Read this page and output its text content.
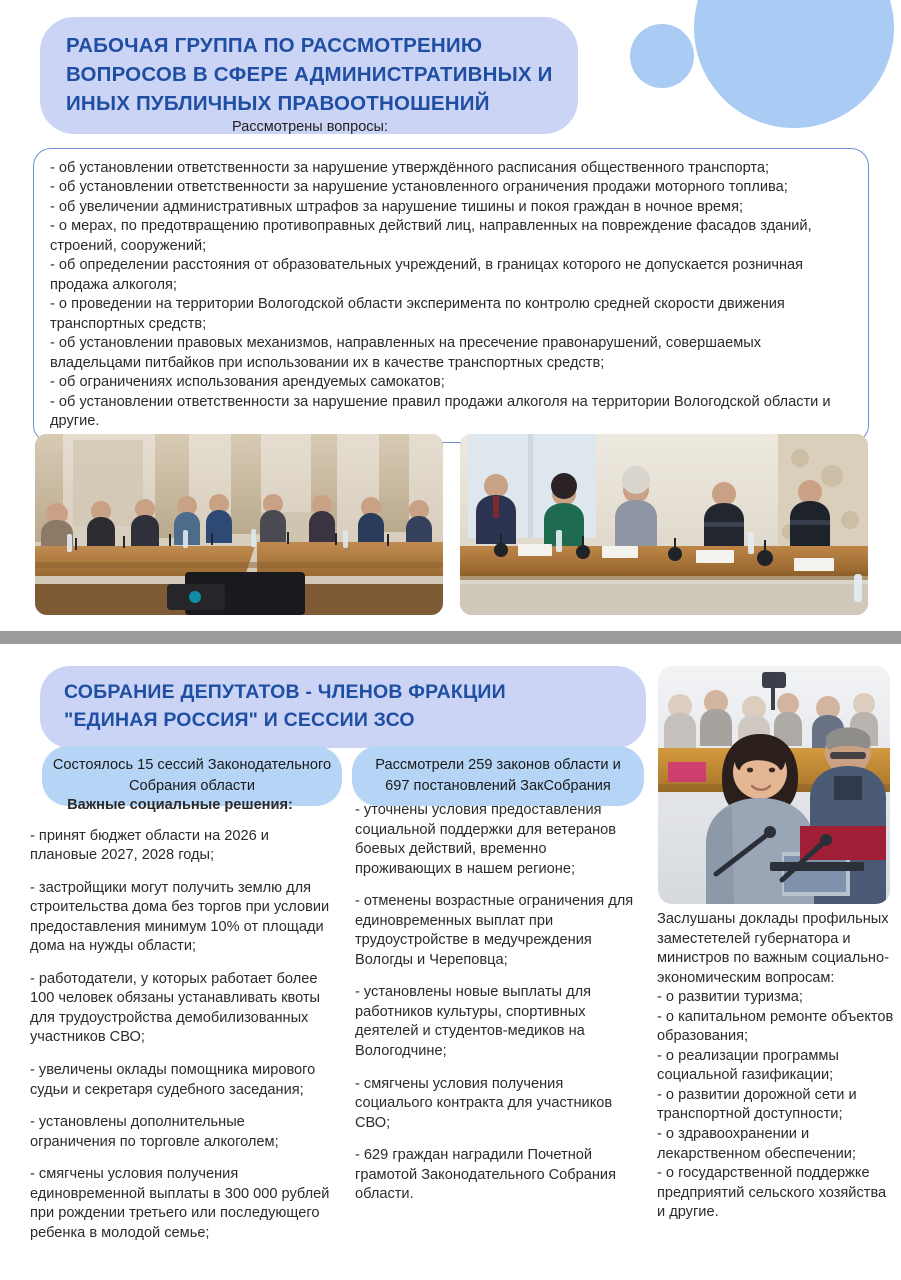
РАБОЧАЯ ГРУППА ПО РАССМОТРЕНИЮ
ВОПРОСОВ В СФЕРЕ АДМИНИСТРАТИВНЫХ И
ИНЫХ ПУБЛИЧНЫХ ПРАВООТНОШЕНИЙ
Рассмотрены вопросы:

- об установлении ответственности за нарушение утверждённого расписания общественного транспорта;

- об установлении ответственности за нарушение установленного ограничения продажи моторного топлива;

- об увеличении административных штрафов за нарушение тишины и покоя граждан в ночное время;

- о мерах, по предотвращению противоправных действий лиц, направленных на повреждение фасадов зданий, строений, сооружений;

- об определении расстояния от образовательных учреждений, в границах которого не допускается розничная продажа алкоголя;

- о проведении на территории Вологодской области эксперимента по контролю средней скорости движения транспортных средств;

- об установлении правовых механизмов, направленных на пресечение правонарушений, совершаемых владельцами питбайков при использовании их в качестве транспортных средств;

- об ограничениях использования арендуемых самокатов;

- об установлении ответственности за нарушение правил продажи алкоголя на территории Вологодской области и другие.

СОБРАНИЕ ДЕПУТАТОВ - ЧЛЕНОВ ФРАКЦИИ
"ЕДИНАЯ РОССИЯ" И СЕССИИ ЗСО
Состоялось 15 сессий Законодательного Собрания области
Рассмотрели 259 законов области и 697 постановлений ЗакСобрания

Важные социальные решения:

- принят бюджет области на 2026 и плановые 2027, 2028 годы;

- застройщики могут получить землю для строительства дома без торгов при условии предоставления минимум 10% от площади дома на нужды области;

- работодатели, у которых работает более 100 человек обязаны устанавливать квоты для трудоустройства демобилизованных участников СВО;

- увеличены оклады помощника мирового судьи и секретаря судебного заседания;

- установлены дополнительные ограничения по торговле алкоголем;

- смягчены условия получения единовременной выплаты в 300 000 рублей при рождении третьего или последующего ребенка в молодой семье;

- уточнены условия предоставления социальной поддержки для ветеранов боевых действий, временно проживающих в нашем регионе;

- отменены возрастные ограничения для единовременных выплат при трудоустройстве в медучреждения Вологды и Череповца;

- установлены новые выплаты для работников культуры, спортивных деятелей и студентов-медиков на Вологодчине;

- смягчены условия получения социалього контракта для участников СВО;

- 629 граждан наградили Почетной грамотой Законодательного Собрания области.

Заслушаны доклады профильных заместетелей губернатора и министров по важным социально-экономическим вопросам:

- о развитии туризма;

- о капитальном ремонте объектов образования;

- о реализации программы социальной газификации;

- о развитии дорожной сети и транспортной доступности;

- о здравоохранении и лекарственном обеспечении;

- о государственной поддержке предприятий сельского хозяйства

и другие.
